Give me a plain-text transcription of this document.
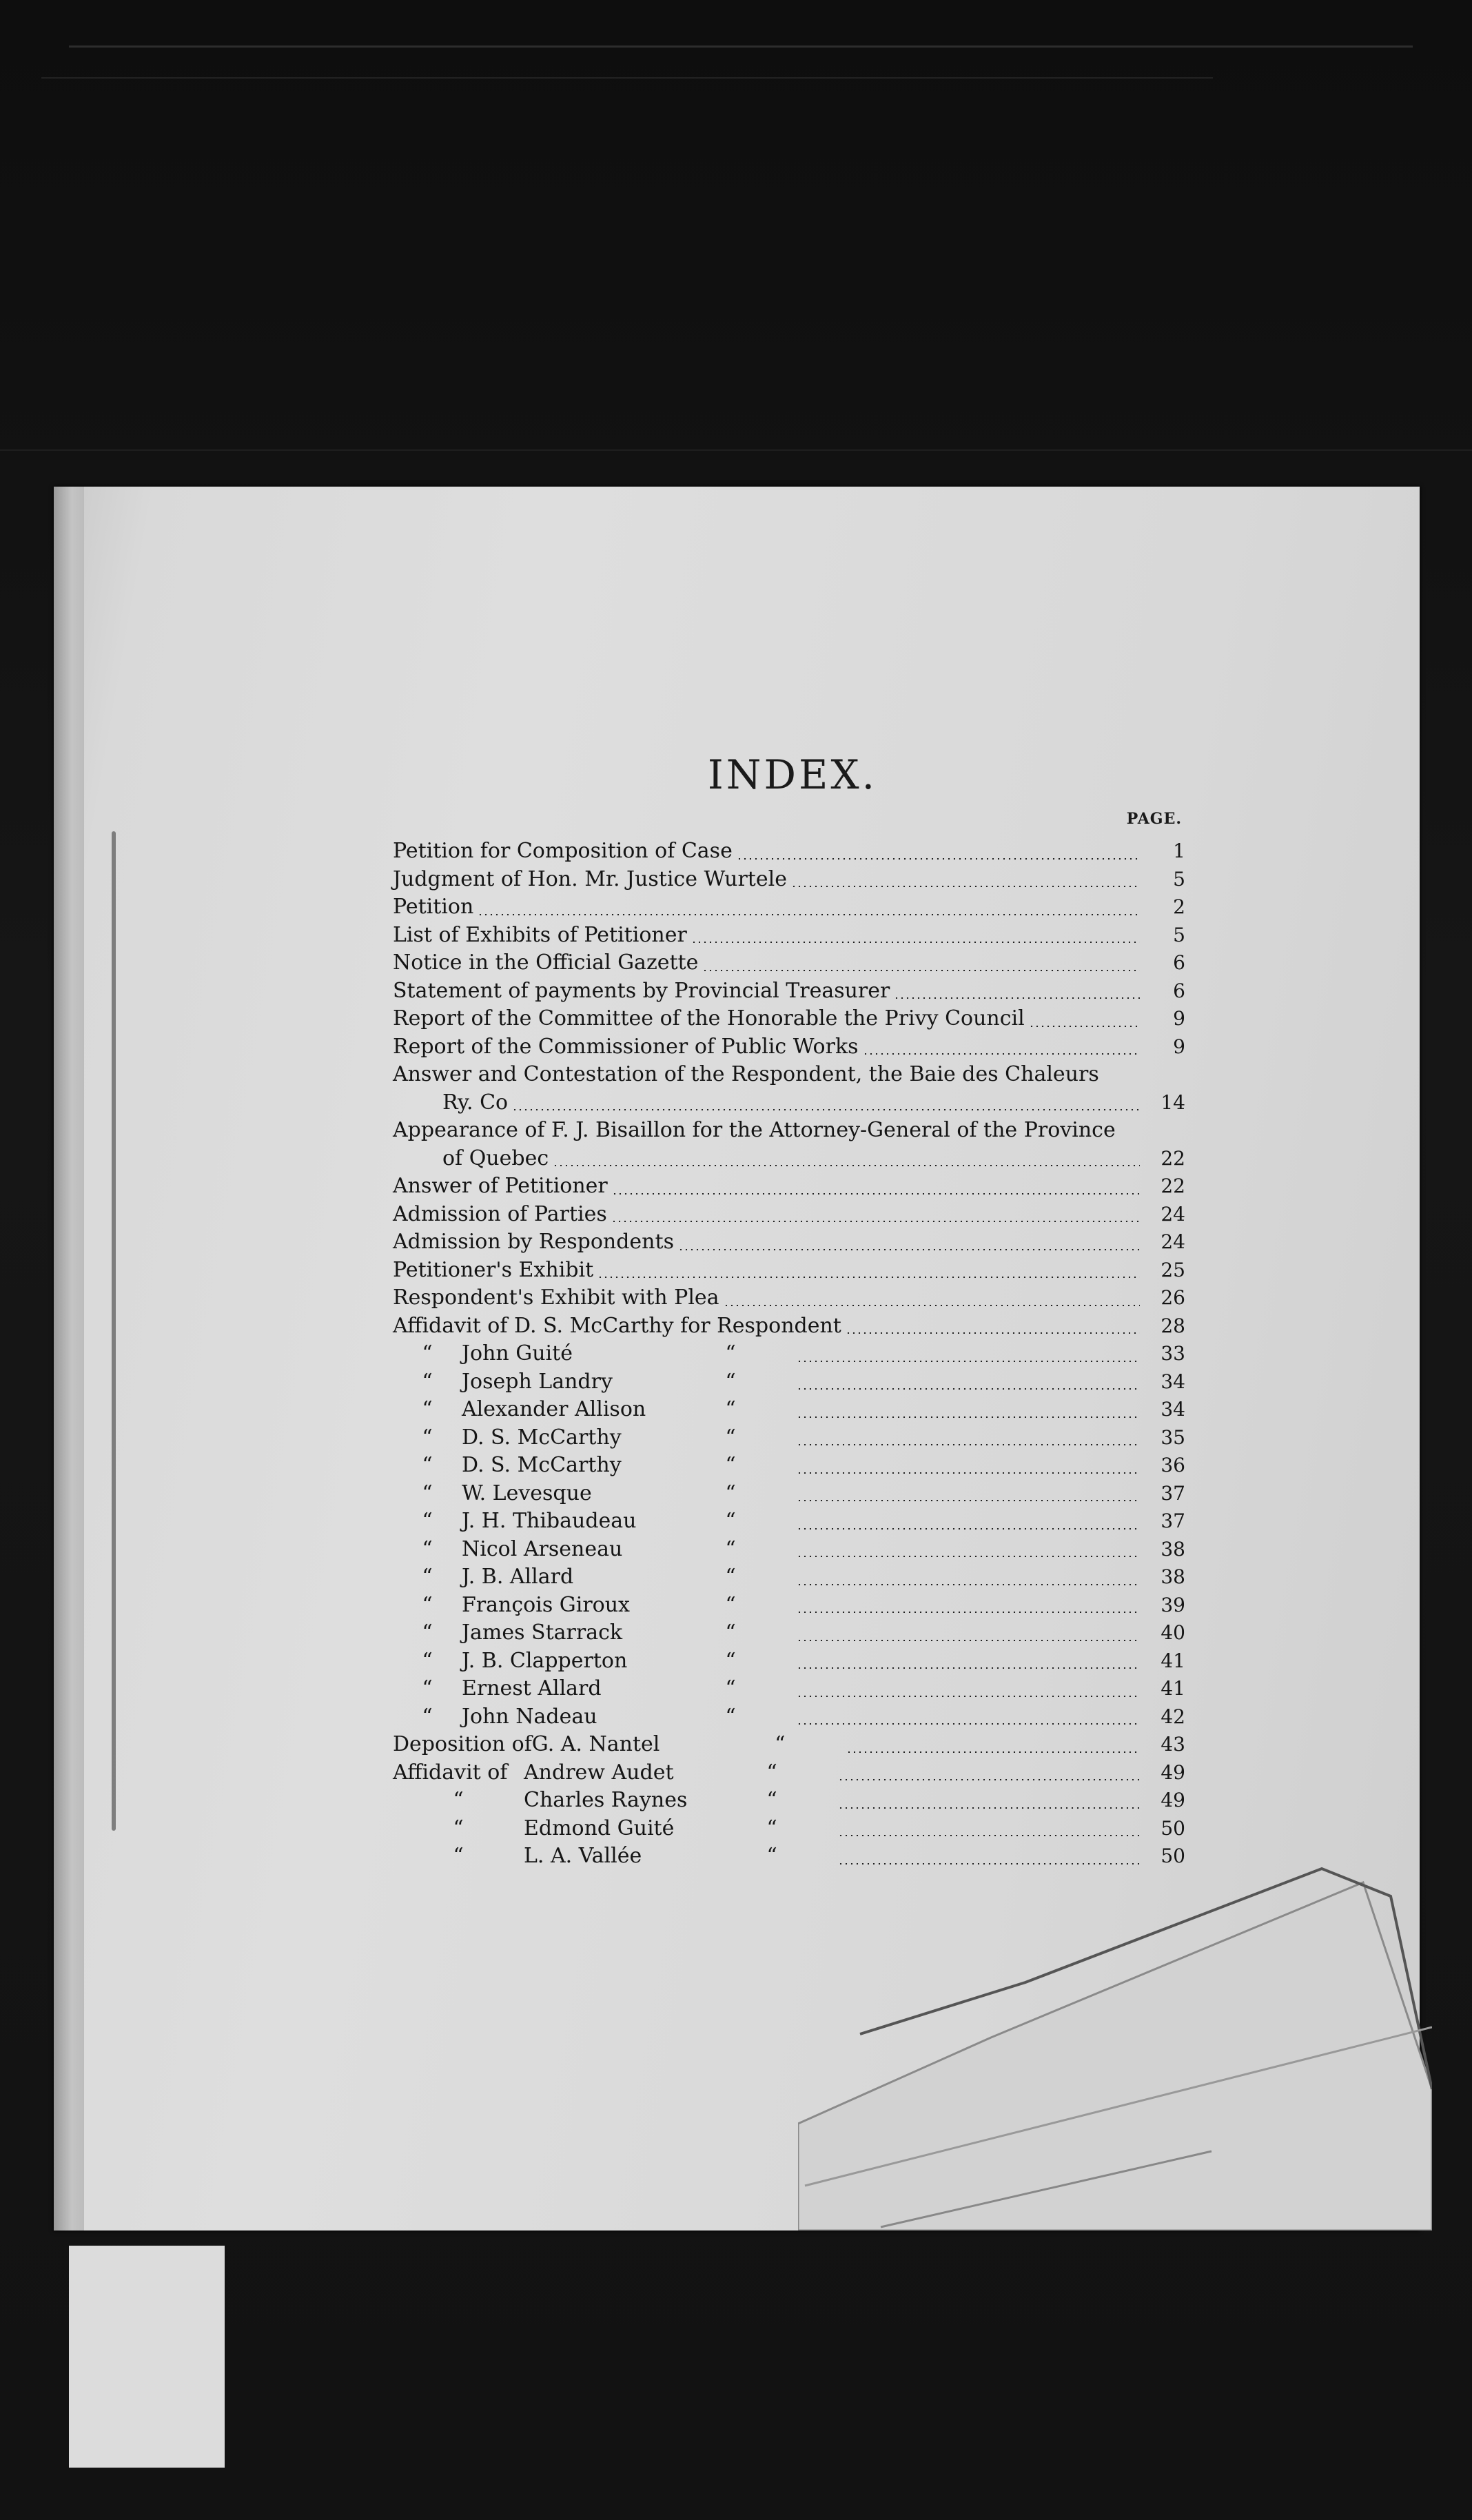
INDEX.
PAGE.
Petition for Composition of Case	1
Judgment of Hon. Mr. Justice Wurtele	5
Petition	2
List of Exhibits of Petitioner	5
Notice in the Official Gazette	6
Statement of payments by Provincial Treasurer	6
Report of the Committee of the Honorable the Privy Council	9
Report of the Commissioner of Public Works	9
Answer and Contestation of the Respondent, the Baie des Chaleurs
Ry. Co	14
Appearance of F. J. Bisaillon for the Attorney-General of the Province
of Quebec	22
Answer of Petitioner	22
Admission of Parties	24
Admission by Respondents	24
Petitioner's Exhibit	25
Respondent's Exhibit with Plea	26
Affidavit of D. S. McCarthy for Respondent	28
“	John Guité	“	33
“	Joseph Landry	“	34
“	Alexander Allison	“	34
“	D. S. McCarthy	“	35
“	D. S. McCarthy	“	36
“	W. Levesque	“	37
“	J. H. Thibaudeau	“	37
“	Nicol Arseneau	“	38
“	J. B. Allard	“	38
“	François Giroux	“	39
“	James Starrack	“	40
“	J. B. Clapperton	“	41
“	Ernest Allard	“	41
“	John Nadeau	“	42
Deposition of G. A. Nantel	“	43
Affidavit of Andrew Audet	“	49
“	Charles Raynes	“	49
“	Edmond Guité	“	50
“	L. A. Vallée	“	50
